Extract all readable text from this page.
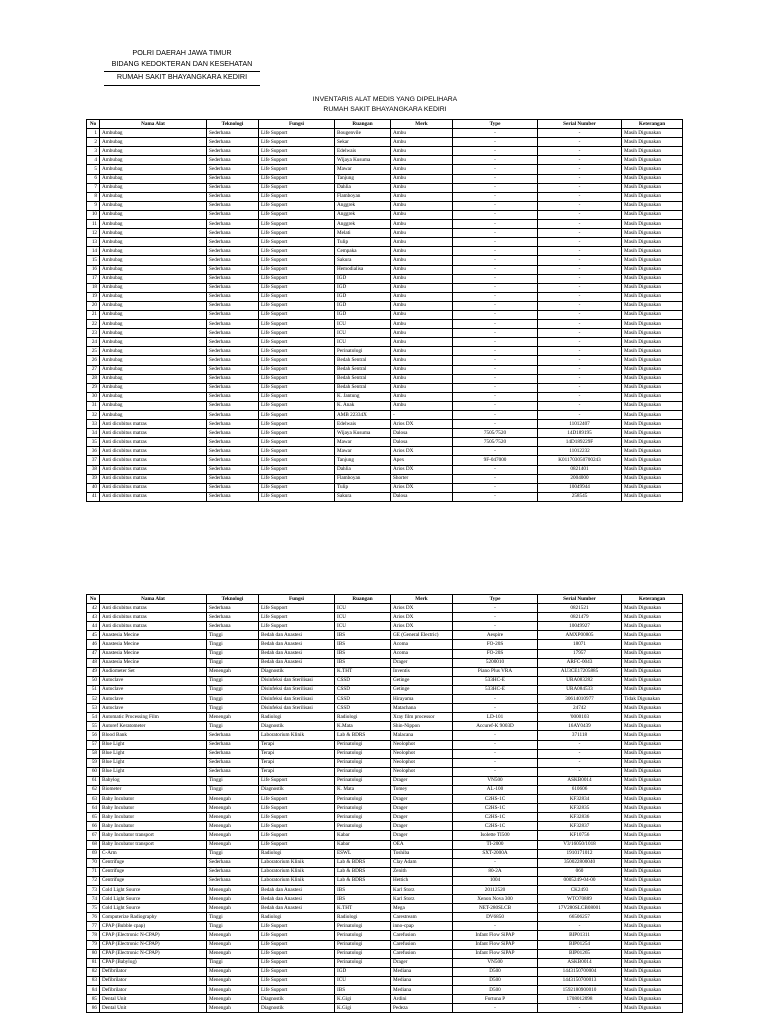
POLRI DAERAH JAWA TIMUR
BIDANG KEDOKTERAN DAN KESEHATAN
RUMAH SAKIT BHAYANGKARA KEDIRI
INVENTARIS ALAT MEDIS YANG DIPELIHARA
RUMAH SAKIT BHAYANGKARA KEDIRI
No	Nama Alat	Teknologi	Fungsi	Ruangan	Merk	Type	Serial Number	Keterangan
1	Ambubag	Sederhana	Life Support	Bougenvile	Ambu	-	-	Masih Digunakan
2	Ambubag	Sederhana	Life Support	Sekar	Ambu	-	-	Masih Digunakan
3	Ambubag	Sederhana	Life Support	Edelwais	Ambu	-	-	Masih Digunakan
4	Ambubag	Sederhana	Life Support	Wijaya Kusuma	Ambu	-	-	Masih Digunakan
5	Ambubag	Sederhana	Life Support	Mawar	Ambu	-	-	Masih Digunakan
6	Ambubag	Sederhana	Life Support	Tanjung	Ambu	-	-	Masih Digunakan
7	Ambubag	Sederhana	Life Support	Dahlia	Ambu	-	-	Masih Digunakan
8	Ambubag	Sederhana	Life Support	Flamboyan	Ambu	-	-	Masih Digunakan
9	Ambubag	Sederhana	Life Support	Anggrek	Ambu	-	-	Masih Digunakan
10	Ambubag	Sederhana	Life Support	Anggrek	Ambu	-	-	Masih Digunakan
11	Ambubag	Sederhana	Life Support	Anggrek	Ambu	-	-	Masih Digunakan
12	Ambubag	Sederhana	Life Support	Melati	Ambu	-	-	Masih Digunakan
13	Ambubag	Sederhana	Life Support	Tulip	Ambu	-	-	Masih Digunakan
14	Ambubag	Sederhana	Life Support	Cempaka	Ambu	-	-	Masih Digunakan
15	Ambubag	Sederhana	Life Support	Sakura	Ambu	-	-	Masih Digunakan
16	Ambubag	Sederhana	Life Support	Hemodialisa	Ambu	-	-	Masih Digunakan
17	Ambubag	Sederhana	Life Support	IGD	Ambu	-	-	Masih Digunakan
18	Ambubag	Sederhana	Life Support	IGD	Ambu	-	-	Masih Digunakan
19	Ambubag	Sederhana	Life Support	IGD	Ambu	-	-	Masih Digunakan
20	Ambubag	Sederhana	Life Support	IGD	Ambu	-	-	Masih Digunakan
21	Ambubag	Sederhana	Life Support	IGD	Ambu	-	-	Masih Digunakan
22	Ambubag	Sederhana	Life Support	ICU	Ambu	-	-	Masih Digunakan
23	Ambubag	Sederhana	Life Support	ICU	Ambu	-	-	Masih Digunakan
24	Ambubag	Sederhana	Life Support	ICU	Ambu	-	-	Masih Digunakan
25	Ambubag	Sederhana	Life Support	Perinatologi	Ambu	-	-	Masih Digunakan
26	Ambubag	Sederhana	Life Support	Bedah Sentral	Ambu	-	-	Masih Digunakan
27	Ambubag	Sederhana	Life Support	Bedah Sentral	Ambu	-	-	Masih Digunakan
28	Ambubag	Sederhana	Life Support	Bedah Sentral	Ambu	-	-	Masih Digunakan
29	Ambubag	Sederhana	Life Support	Bedah Sentral	Ambu	-	-	Masih Digunakan
30	Ambubag	Sederhana	Life Support	K. Jantung	Ambu	-	-	Masih Digunakan
31	Ambubag	Sederhana	Life Support	K. Anak	Ambu	-	-	Masih Digunakan
32	Ambubag	Sederhana	Life Support	AMB 22334X	-	-	-	Masih Digunakan
33	Anti dicubitus matras	Sederhana	Life Support	Edelwais	Arios DX	-	11012407	Masih Digunakan
34	Anti dicubitus matras	Sederhana	Life Support	Wijaya Kusuma	Dalosa	7505/7520	14D189195	Masih Digunakan
35	Anti dicubitus matras	Sederhana	Life Support	Mawar	Dalosa	7505/7520	14D189229F	Masih Digunakan
36	Anti dicubitus matras	Sederhana	Life Support	Mawar	Arios DX	-	11012232	Masih Digunakan
37	Anti dicubitus matras	Sederhana	Life Support	Tanjung	Apex	9F-047000	K011703050700243	Masih Digunakan
38	Anti dicubitus matras	Sederhana	Life Support	Dahlia	Arios DX	-	0821401	Masih Digunakan
39	Anti dicubitus matras	Sederhana	Life Support	Flamboyan	Shorter	-	2004000	Masih Digunakan
40	Anti dicubitus matras	Sederhana	Life Support	Tulip	Arios DX	-	10049944	Masih Digunakan
41	Anti dicubitus matras	Sederhana	Life Support	Sakura	Dalosa	-	258545	Masih Digunakan
No	Nama Alat	Teknologi	Fungsi	Ruangan	Merk	Type	Serial Number	Keterangan
42	Anti dicubitus matras	Sederhana	Life Support	ICU	Arios DX	-	0821521	Masih Digunakan
43	Anti dicubitus matras	Sederhana	Life Support	ICU	Arios DX	-	0821479	Masih Digunakan
44	Anti dicubitus matras	Sederhana	Life Support	ICU	Arios DX	-	10049927	Masih Digunakan
45	Anastesia Mecine	Tinggi	Bedah dan Anastesi	IBS	GE (General Electric)	Aespire	AMXP00805	Masih Digunakan
46	Anastesia Mecine	Tinggi	Bedah dan Anastesi	IBS	Acoma	FO-20S	18071	Masih Digunakan
47	Anastesia Mecine	Tinggi	Bedah dan Anastesi	IBS	Acoma	FO-20S	17957	Masih Digunakan
48	Anastesia Mecine	Tinggi	Bedah dan Anastesi	IBS	Drager	5200010	ARFC-0043	Masih Digunakan
49	Audiometer Set	Menengah	Diagnostik	K.THT	Inventis	Piano Plus VRA	AU3CE17205885	Masih Digunakan
50	Autoclave	Tinggi	Disinfeksi dan Sterilisasi	CSSD	Getinge	533HC-E	URA083282	Masih Digunakan
51	Autoclave	Tinggi	Disinfeksi dan Sterilisasi	CSSD	Getinge	533HC-E	URA084533	Masih Digunakan
52	Autoclave	Tinggi	Disinfeksi dan Sterilisasi	CSSD	Hirayama	-	30614010977	Tidak Digunakan
53	Autoclave	Tinggi	Disinfeksi dan Sterilisasi	CSSD	Matachana	-	24742	Masih Digunakan
54	Automatic Processing Film	Menengah	Radiologi	Radiologi	Xray film processor	LD-101	'0000103	Masih Digunakan
55	Autoref Keratometer	Tinggi	Diagnostik	K.Mata	Shin-Nippon	Accuref-K 9003D	16AY0439	Masih Digunakan
56	Blood Bank	Sederhana	Laboratorium Klinik	Lab & BDRS	Malacana	-	371118	Masih Digunakan
57	Blue Light	Sederhana	Terapi	Perinatologi	Neolophot	-	-	Masih Digunakan
58	Blue Light	Sederhana	Terapi	Perinatologi	Neolophot	-	-	Masih Digunakan
59	Blue Light	Sederhana	Terapi	Perinatologi	Neolophot	-	-	Masih Digunakan
60	Blue Light	Sederhana	Terapi	Perinatologi	Neolophot	-	-	Masih Digunakan
61	Babylog	Tinggi	Life Support	Perinatologi	Drager	VN500	ASKB0014	Masih Digunakan
62	Biometer	Tinggi	Diagnostik	K. Mata	Tomey	AL-100	610606	Masih Digunakan
63	Baby Incubator	Menengah	Life Support	Perinatologi	Drager	C2HS-1C	KF32834	Masih Digunakan
64	Baby Incubator	Menengah	Life Support	Perinatologi	Drager	C2HS-1C	KF32835	Masih Digunakan
65	Baby Incubator	Menengah	Life Support	Perinatologi	Drager	C2HS-1C	KF32836	Masih Digunakan
66	Baby Incubator	Menengah	Life Support	Perinatologi	Drager	C2HS-1C	KF32837	Masih Digunakan
67	Baby Incubator transport	Menengah	Life Support	Kabar	Drager	Isolette TI500	KF10756	Masih Digunakan
68	Baby Incubator transport	Menengah	Life Support	Kabar	OEA	TI-2000	V3/16050/1018	Masih Digunakan
69	C-Arm	Tinggi	Radiologi	ESWL	Toshiba	SXT-2000A	1910171012	Masih Digunakan
70	Centrifuge	Sederhana	Laboratorium Klinik	Lab & BDRS	Clay Adam	-	350022800040	Masih Digunakan
71	Centrifuge	Sederhana	Laboratorium Klinik	Lab & BDRS	Zenith	80-2A	060	Masih Digunakan
72	Centrifuge	Sederhana	Laboratorium Klinik	Lab & BDRS	Hettich	1004	0005249-04-00	Masih Digunakan
73	Cold Light Source	Menengah	Bedah dan Anastesi	IBS	Karl Storz	20112520	CK2493	Masih Digunakan
74	Cold Light Source	Menengah	Bedah dan Anastesi	IBS	Karl Storz	Xenon Nova 300	WTO70889	Masih Digunakan
75	Cold Light Source	Menengah	Bedah dan Anastesi	K.THT	Mega	NET-280SLCB	17V280SLCB08001	Masih Digunakan
76	Computerize Radiography	Tinggi	Radiologi	Radiologi	Carestream	DV6850	66506257	Masih Digunakan
77	CPAP (Bubble cpap)	Tinggi	Life Support	Perinatologi	inno-cpap	-	-	Masih Digunakan
78	CPAP (Electronic N-CPAP)	Menengah	Life Support	Perinatologi	Carefusion	Infant Flow SiPAP	BIP01311	Masih Digunakan
79	CPAP (Electronic N-CPAP)	Menengah	Life Support	Perinatologi	Carefusion	Infant Flow SiPAP	BIP01254	Masih Digunakan
80	CPAP (Electronic N-CPAP)	Menengah	Life Support	Perinatologi	Carefusion	Infant Flow SiPAP	BIP01265	Masih Digunakan
81	CPAP (Babylog)	Tinggi	Life Support	Perinatologi	Drager	VN500	ASKB0014	Masih Digunakan
82	Defibrilator	Menengah	Life Support	IGD	Mediana	D500	1443150700004	Masih Digunakan
83	Defibrilator	Menengah	Life Support	ICU	Mediana	D500	1443150700013	Masih Digunakan
84	Defibrilator	Menengah	Life Support	IBS	Mediana	D500	1592180900010	Masih Digunakan
85	Dental Unit	Menengah	Diagnostik	K.Gigi	Ardini	Fortuna P	1708012098	Masih Digunakan
86	Dental Unit	Menengah	Diagnostik	K.Gigi	Pedeza	-	-	Masih Digunakan
